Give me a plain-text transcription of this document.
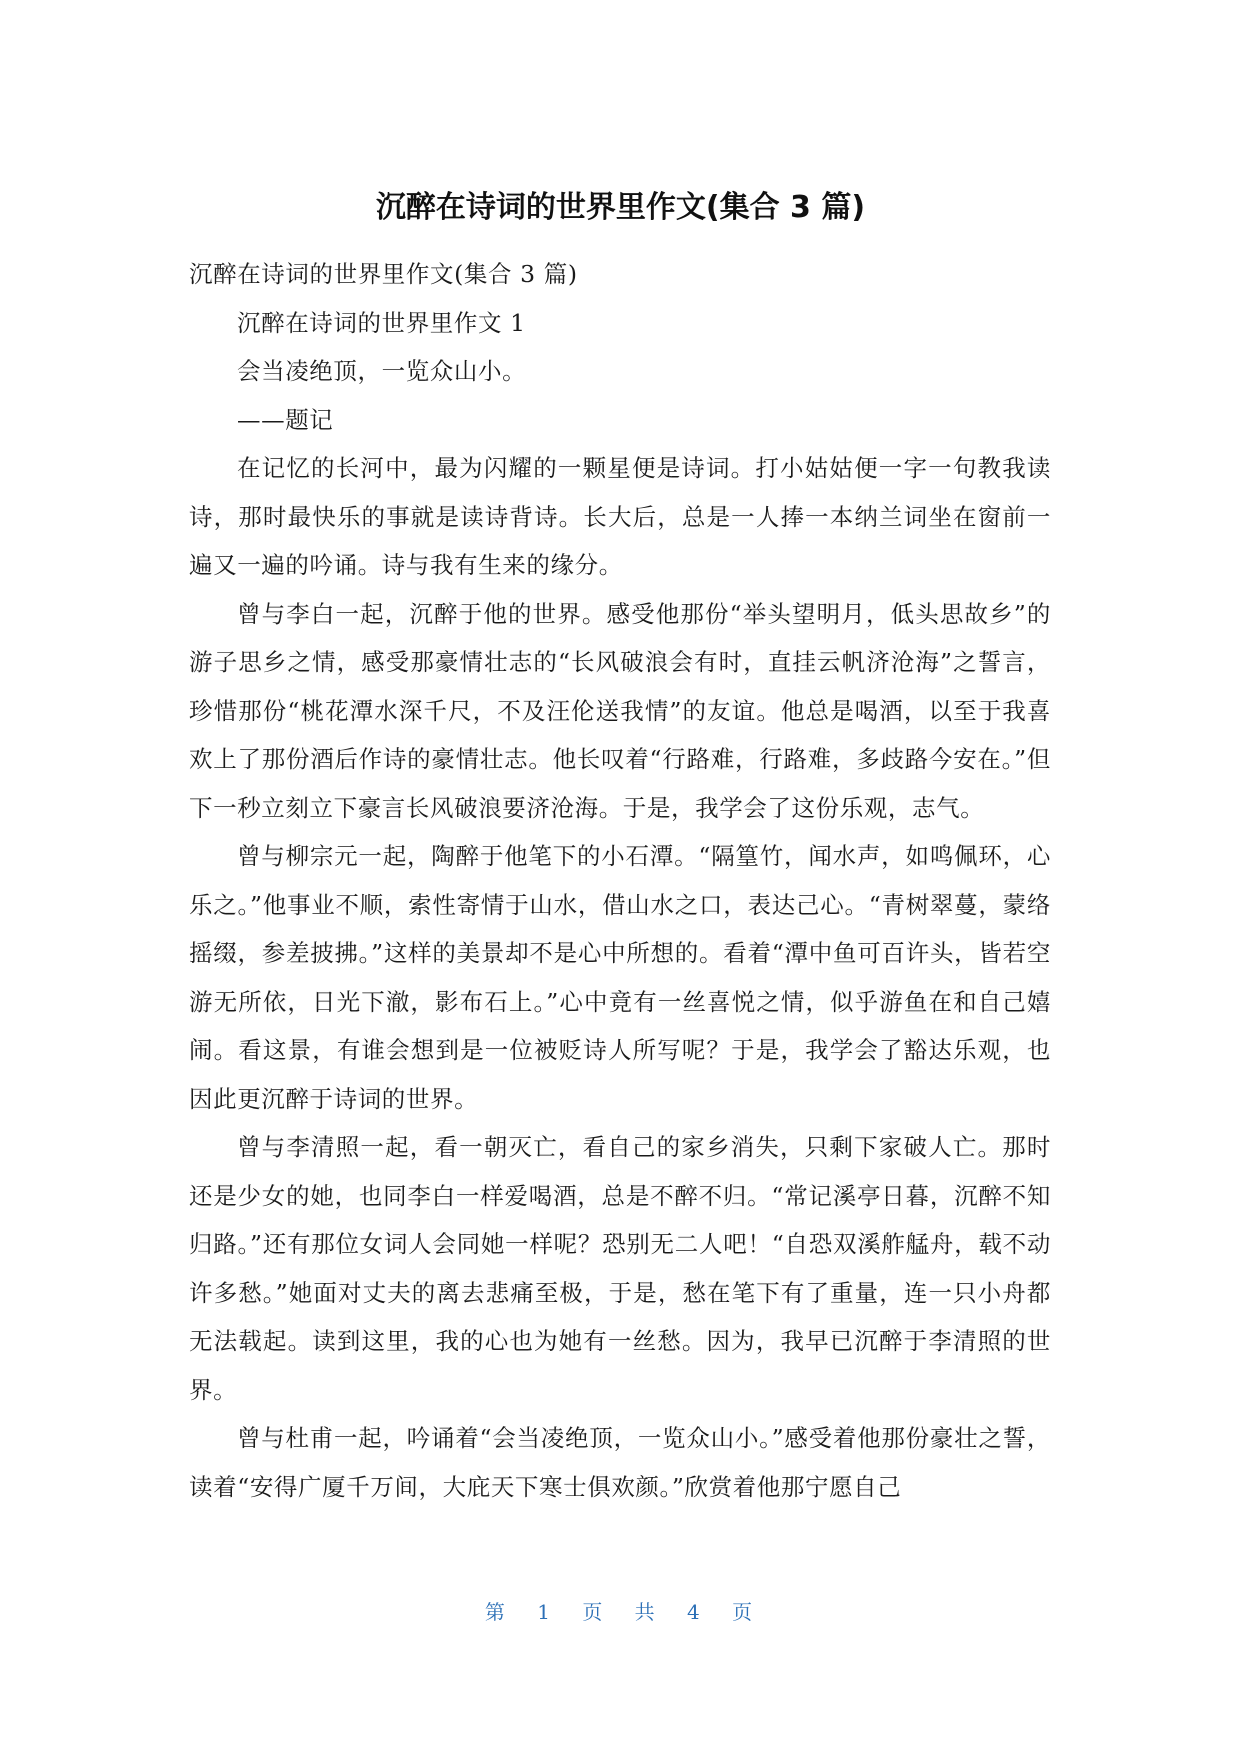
沉醉在诗词的世界里作文(集合 3 篇)

沉醉在诗词的世界里作文(集合 3 篇)

沉醉在诗词的世界里作文 1

会当凌绝顶，一览众山小。

——题记

在记忆的长河中，最为闪耀的一颗星便是诗词。打小姑姑便一字一句教我读诗，那时最快乐的事就是读诗背诗。长大后，总是一人捧一本纳兰词坐在窗前一遍又一遍的吟诵。诗与我有生来的缘分。

曾与李白一起，沉醉于他的世界。感受他那份“举头望明月，低头思故乡”的游子思乡之情，感受那豪情壮志的“长风破浪会有时，直挂云帆济沧海”之誓言，珍惜那份“桃花潭水深千尺，不及汪伦送我情”的友谊。他总是喝酒，以至于我喜欢上了那份酒后作诗的豪情壮志。他长叹着“行路难，行路难，多歧路今安在。”但下一秒立刻立下豪言长风破浪要济沧海。于是，我学会了这份乐观，志气。

曾与柳宗元一起，陶醉于他笔下的小石潭。“隔篁竹，闻水声，如鸣佩环，心乐之。”他事业不顺，索性寄情于山水，借山水之口，表达己心。“青树翠蔓，蒙络摇缀，参差披拂。”这样的美景却不是心中所想的。看着“潭中鱼可百许头，皆若空游无所依，日光下澈，影布石上。”心中竟有一丝喜悦之情，似乎游鱼在和自己嬉闹。看这景，有谁会想到是一位被贬诗人所写呢？于是，我学会了豁达乐观，也因此更沉醉于诗词的世界。

曾与李清照一起，看一朝灭亡，看自己的家乡消失，只剩下家破人亡。那时还是少女的她，也同李白一样爱喝酒，总是不醉不归。“常记溪亭日暮，沉醉不知归路。”还有那位女词人会同她一样呢？恐别无二人吧！“自恐双溪舴艋舟，载不动许多愁。”她面对丈夫的离去悲痛至极，于是，愁在笔下有了重量，连一只小舟都无法载起。读到这里，我的心也为她有一丝愁。因为，我早已沉醉于李清照的世界。

曾与杜甫一起，吟诵着“会当凌绝顶，一览众山小。”感受着他那份豪壮之誓，读着“安得广厦千万间，大庇天下寒士俱欢颜。”欣赏着他那宁愿自己

第 1 页 共 4 页
